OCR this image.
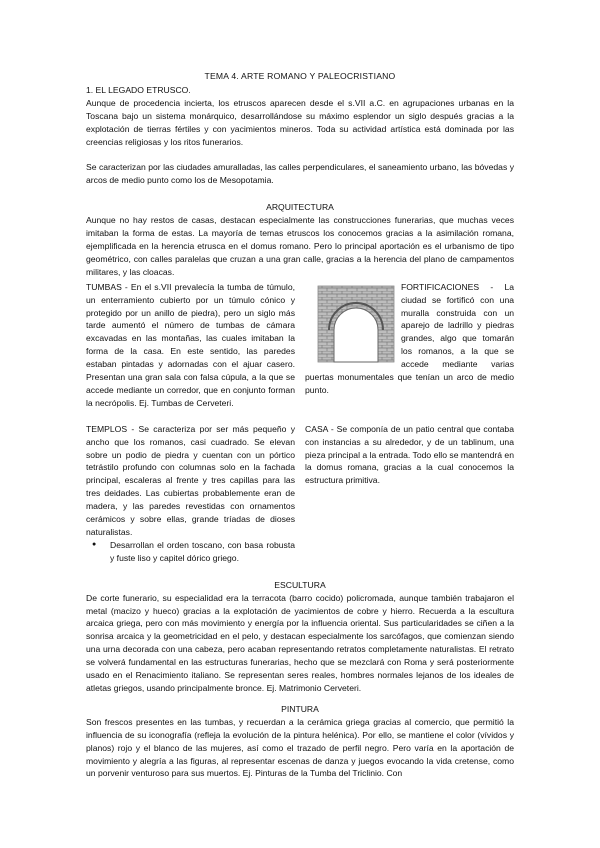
TEMA 4. ARTE ROMANO Y PALEOCRISTIANO

1. EL LEGADO ETRUSCO.

Aunque de procedencia incierta, los etruscos aparecen desde el s.VII a.C. en agrupaciones urbanas en la Toscana bajo un sistema monárquico, desarrollándose su máximo esplendor un siglo después gracias a la explotación de tierras fértiles y con yacimientos mineros. Toda su actividad artística está dominada por las creencias religiosas y los ritos funerarios.

Se caracterizan por las ciudades amuralladas, las calles perpendiculares, el saneamiento urbano, las bóvedas y arcos de medio punto como los de Mesopotamia.

ARQUITECTURA

Aunque no hay restos de casas, destacan especialmente las construcciones funerarias, que muchas veces imitaban la forma de estas. La mayoría de temas etruscos los conocemos gracias a la asimilación romana, ejemplificada en la herencia etrusca en el domus romano. Pero lo principal aportación es el urbanismo de tipo geométrico, con calles paralelas que cruzan a una gran calle, gracias a la herencia del plano de campamentos militares, y las cloacas.

TUMBAS - En el s.VII prevalecía la tumba de túmulo, un enterramiento cubierto por un túmulo cónico y protegido por un anillo de piedra), pero un siglo más tarde aumentó el número de tumbas de cámara excavadas en las montañas, las cuales imitaban la forma de la casa. En este sentido, las paredes estaban pintadas y adornadas con el ajuar casero. Presentan una gran sala con falsa cúpula, a la que se accede mediante un corredor, que en conjunto forman la necrópolis. Ej. Tumbas de Cerveteri.

FORTIFICACIONES - La ciudad se fortificó con una muralla construida con un aparejo de ladrillo y piedras grandes, algo que tomarán los romanos, a la que se accede mediante varias puertas monumentales que tenían un arco de medio punto.

TEMPLOS - Se caracteriza por ser más pequeño y ancho que los romanos, casi cuadrado. Se elevan sobre un podio de piedra y cuentan con un pórtico tetrástilo profundo con columnas solo en la fachada principal, escaleras al frente y tres capillas para las tres deidades. Las cubiertas probablemente eran de madera, y las paredes revestidas con ornamentos cerámicos y sobre ellas, grande tríadas de dioses naturalistas.

● Desarrollan el orden toscano, con basa robusta y fuste liso y capitel dórico griego.

CASA - Se componía de un patio central que contaba con instancias a su alrededor, y de un tablinum, una pieza principal a la entrada. Todo ello se mantendrá en la domus romana, gracias a la cual conocemos la estructura primitiva.

ESCULTURA

De corte funerario, su especialidad era la terracota (barro cocido) policromada, aunque también trabajaron el metal (macizo y hueco) gracias a la explotación de yacimientos de cobre y hierro. Recuerda a la escultura arcaica griega, pero con más movimiento y energía por la influencia oriental. Sus particularidades se ciñen a la sonrisa arcaica y la geometricidad en el pelo, y destacan especialmente los sarcófagos, que comienzan siendo una urna decorada con una cabeza, pero acaban representando retratos completamente naturalistas. El retrato se volverá fundamental en las estructuras funerarias, hecho que se mezclará con Roma y será posteriormente usado en el Renacimiento italiano. Se representan seres reales, hombres normales lejanos de los ideales de atletas griegos, usando principalmente bronce. Ej. Matrimonio Cerveteri.

PINTURA

Son frescos presentes en las tumbas, y recuerdan a la cerámica griega gracias al comercio, que permitió la influencia de su iconografía (refleja la evolución de la pintura helénica). Por ello, se mantiene el color (vívidos y planos) rojo y el blanco de las mujeres, así como el trazado de perfil negro. Pero varía en la aportación de movimiento y alegría a las figuras, al representar escenas de danza y juegos evocando la vida cretense, como un porvenir venturoso para sus muertos. Ej. Pinturas de la Tumba del Triclinio. Con
